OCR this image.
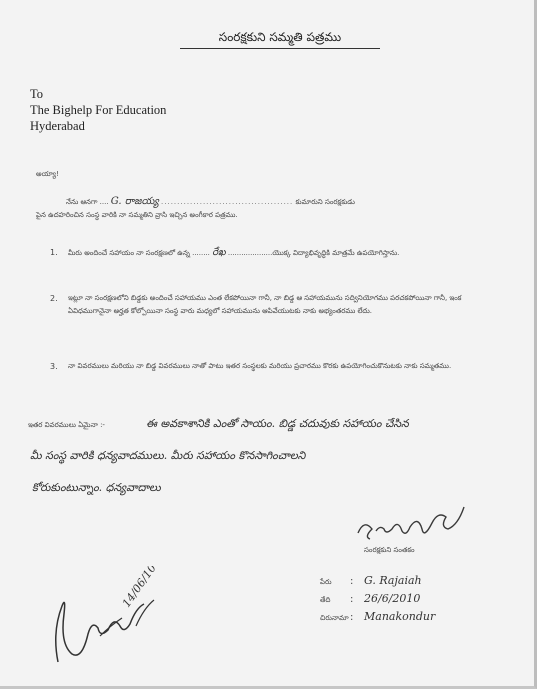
సంరక్షకుని సమ్మతి పత్రము
To
The Bighelp For Education
Hyderabad
అయ్యా!
నేను ఆనగా .... G. రాజయ్య ......................................... కుమారుని సంరక్షకుడు
పైన ఉదహరించిన సంస్థ వారికి నా సమ్మతిని వ్రాసి ఇచ్చిన అంగీకార పత్రము.
1. మీరు అందించే సహాయం నా సంరక్షణలో ఉన్న ........ రేఖ ....................యొక్క విద్యాభివృద్ధికి మాత్రమే ఉపయోగిస్తాను.
2. ఇట్లూ నా సంరక్షణలోని బిడ్డకు అందించే సహాయము ఎంత లేకపోయినా గానీ, నా బిడ్డ ఆ సహాయమును సద్వినియోగము పరచకపోయినా గానీ, ఇంక ఏవిధముగానైనా అర్హత కోల్పోయినా సంస్థ వారు మధ్యలో సహాయమును ఆపివేయుటకు నాకు అభ్యంతరము లేదు.
3. నా వివరములు మరియు నా బిడ్డ వివరములు నాతో పాటు ఇతర సంస్థలకు మరియు ప్రచారము కొరకు ఉపయోగించుకొనుటకు నాకు సమ్మతము.
ఇతర వివరములు ఏమైనా :-	ఈ అవకాశానికి ఎంతో సాయం. బిడ్డ చదువుకు సహాయం చేసిన
మీ సంస్థ వారికి ధన్యవాదములు. మీరు సహాయం కొనసాగించాలని
కోరుకుంటున్నాం. ధన్యవాదాలు
సంరక్షకుని సంతకం
పేరు : G. Rajaiah
తేది : 26/6/2010
చిరునామా: Manakondur
14/06/10
